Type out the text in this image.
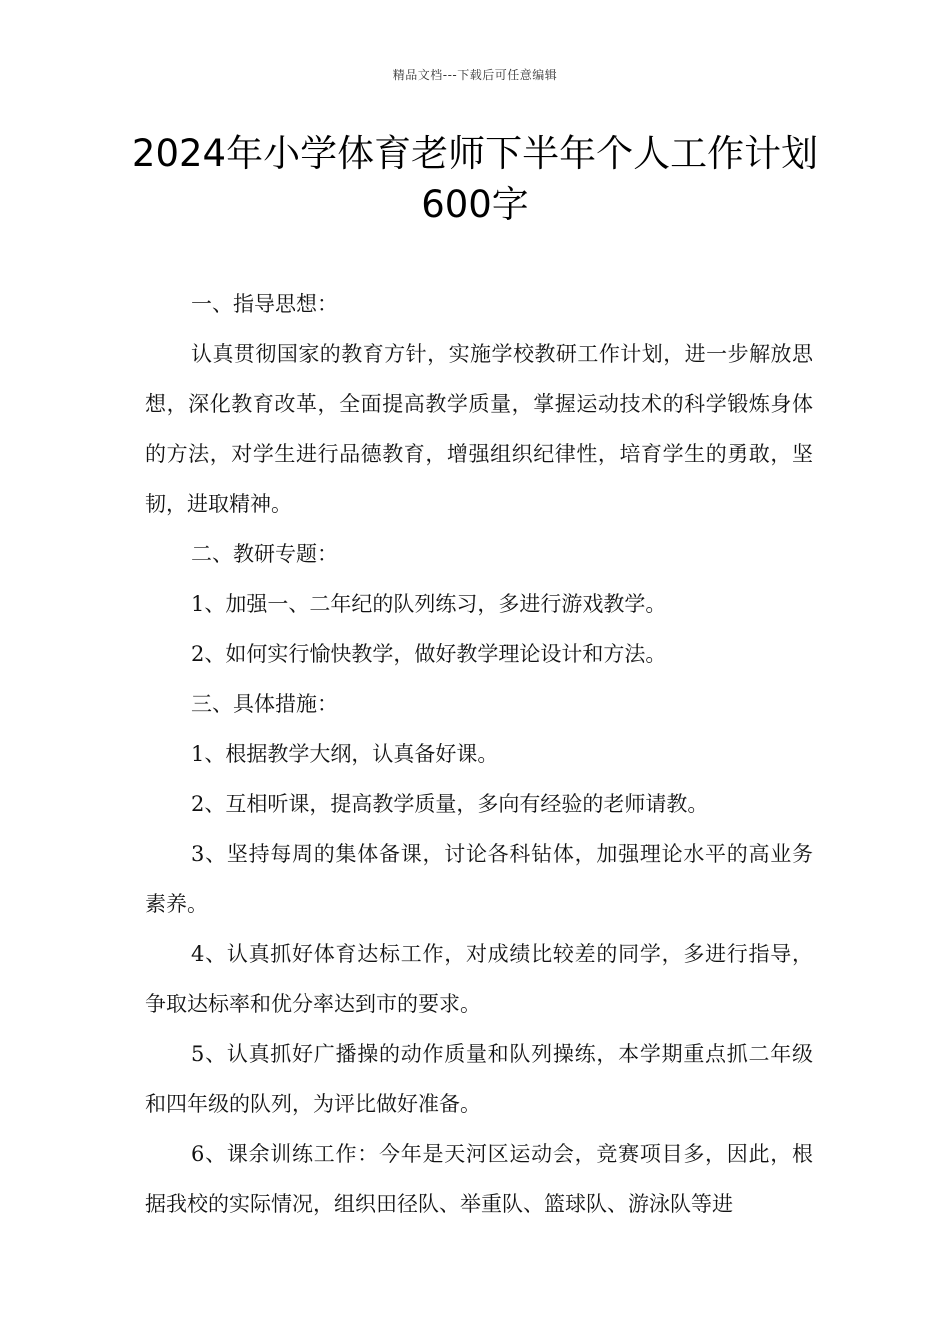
精品文档---下载后可任意编辑
2024年小学体育老师下半年个人工作计划600字

一、指导思想：

认真贯彻国家的教育方针，实施学校教研工作计划，进一步解放思想，深化教育改革，全面提高教学质量，掌握运动技术的科学锻炼身体的方法，对学生进行品德教育，增强组织纪律性，培育学生的勇敢，坚韧，进取精神。

二、教研专题：

1、加强一、二年纪的队列练习，多进行游戏教学。

2、如何实行愉快教学，做好教学理论设计和方法。

三、具体措施：

1、根据教学大纲，认真备好课。

2、互相听课，提高教学质量，多向有经验的老师请教。

3、坚持每周的集体备课，讨论各科钻体，加强理论水平的高业务素养。

4、认真抓好体育达标工作，对成绩比较差的同学，多进行指导，争取达标率和优分率达到市的要求。

5、认真抓好广播操的动作质量和队列操练，本学期重点抓二年级和四年级的队列，为评比做好准备。

6、课余训练工作：今年是天河区运动会，竞赛项目多，因此，根据我校的实际情况，组织田径队、举重队、篮球队、游泳队等进
